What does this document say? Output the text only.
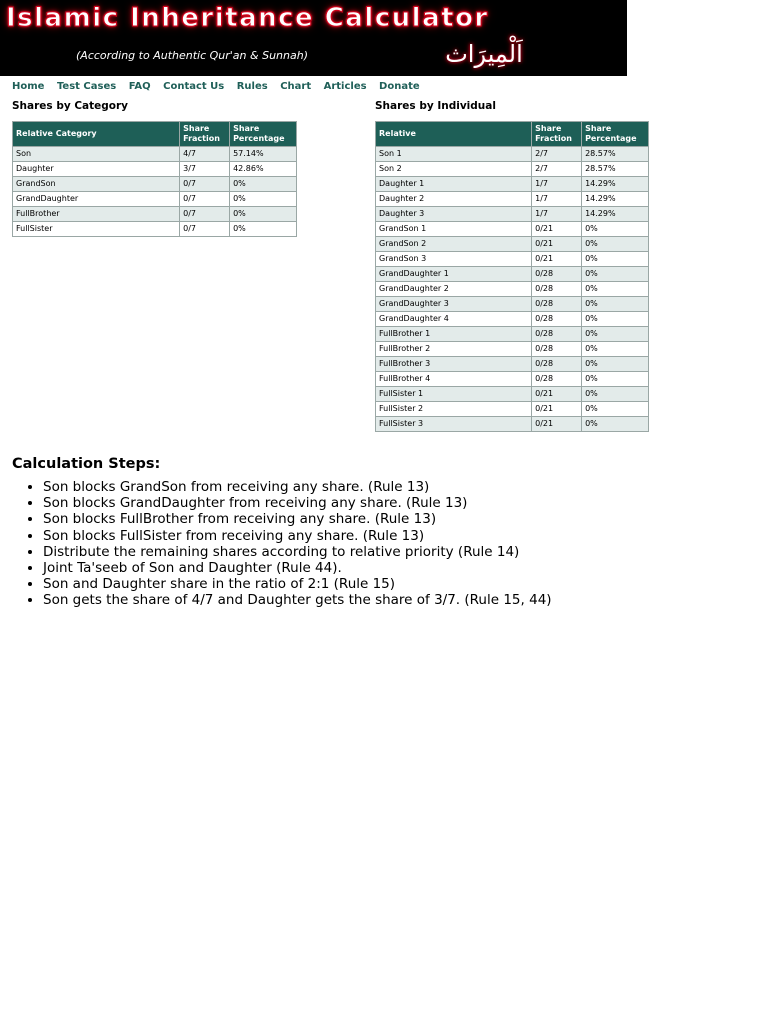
Islamic Inheritance Calculator
(According to Authentic Qur'an & Sunnah)	اَلْمِيرَاث
Home Test Cases FAQ Contact Us Rules Chart Articles Donate
Shares by Category	Shares by Individual
Relative Category	Share Fraction	Share Percentage
Son	4/7	57.14%
Daughter	3/7	42.86%
GrandSon	0/7	0%
GrandDaughter	0/7	0%
FullBrother	0/7	0%
FullSister	0/7	0%
Relative	Share Fraction	Share Percentage
Son 1	2/7	28.57%
Son 2	2/7	28.57%
Daughter 1	1/7	14.29%
Daughter 2	1/7	14.29%
Daughter 3	1/7	14.29%
GrandSon 1	0/21	0%
GrandSon 2	0/21	0%
GrandSon 3	0/21	0%
GrandDaughter 1	0/28	0%
GrandDaughter 2	0/28	0%
GrandDaughter 3	0/28	0%
GrandDaughter 4	0/28	0%
FullBrother 1	0/28	0%
FullBrother 2	0/28	0%
FullBrother 3	0/28	0%
FullBrother 4	0/28	0%
FullSister 1	0/21	0%
FullSister 2	0/21	0%
FullSister 3	0/21	0%
Calculation Steps:
• Son blocks GrandSon from receiving any share. (Rule 13)
• Son blocks GrandDaughter from receiving any share. (Rule 13)
• Son blocks FullBrother from receiving any share. (Rule 13)
• Son blocks FullSister from receiving any share. (Rule 13)
• Distribute the remaining shares according to relative priority (Rule 14)
• Joint Ta'seeb of Son and Daughter (Rule 44).
• Son and Daughter share in the ratio of 2:1 (Rule 15)
• Son gets the share of 4/7 and Daughter gets the share of 3/7. (Rule 15, 44)
